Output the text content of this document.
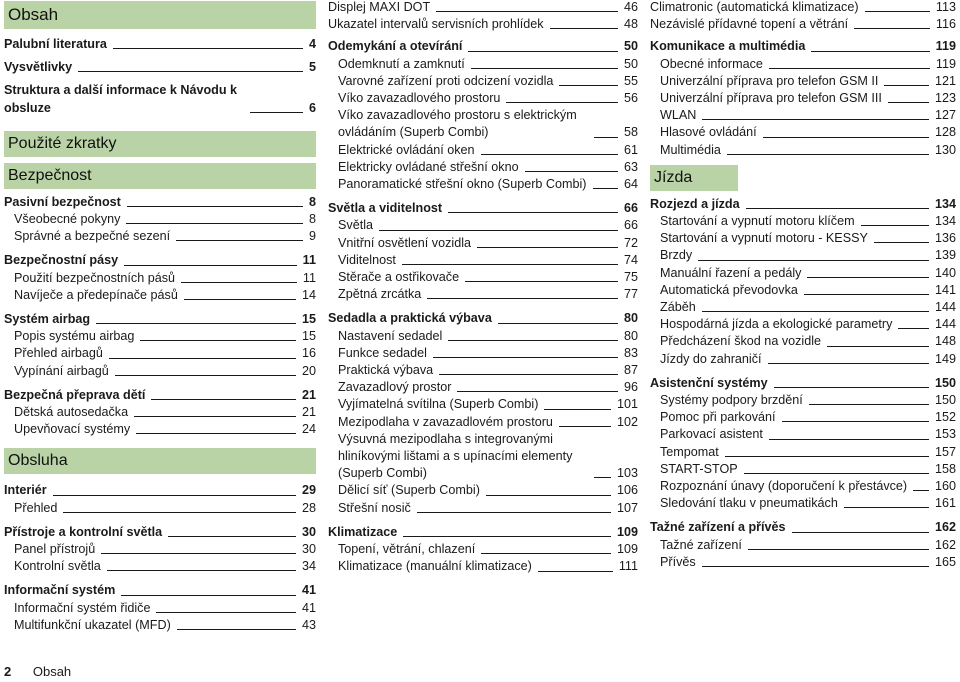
Obsah
Palubní literatura	4
Vysvětlivky	5
Struktura a další informace k Návodu k obsluze	6
Použité zkratky
Bezpečnost
Pasivní bezpečnost	8
Všeobecné pokyny	8
Správné a bezpečné sezení	9
Bezpečnostní pásy	11
Použití bezpečnostních pásů	11
Navíječe a předepínače pásů	14
Systém airbag	15
Popis systému airbag	15
Přehled airbagů	16
Vypínání airbagů	20
Bezpečná přeprava dětí	21
Dětská autosedačka	21
Upevňovací systémy	24
Obsluha
Interiér	29
Přehled	28
Přístroje a kontrolní světla	30
Panel přístrojů	30
Kontrolní světla	34
Informační systém	41
Informační systém řidiče	41
Multifunkční ukazatel (MFD)	43
Displej MAXI DOT	46
Ukazatel intervalů servisních prohlídek	48
Odemykání a otevírání	50
Odemknutí a zamknutí	50
Varovné zařízení proti odcizení vozidla	55
Víko zavazadlového prostoru	56
Víko zavazadlového prostoru s elektrickým ovládáním (Superb Combi)	58
Elektrické ovládání oken	61
Elektricky ovládané střešní okno	63
Panoramatické střešní okno (Superb Combi)	64
Světla a viditelnost	66
Světla	66
Vnitřní osvětlení vozidla	72
Viditelnost	74
Stěrače a ostřikovače	75
Zpětná zrcátka	77
Sedadla a praktická výbava	80
Nastavení sedadel	80
Funkce sedadel	83
Praktická výbava	87
Zavazadlový prostor	96
Vyjímatelná svítilna (Superb Combi)	101
Mezipodlaha v zavazadlovém prostoru	102
Výsuvná mezipodlaha s integrovanými hliníkovými lištami a s upínacími elementy (Superb Combi)	103
Dělicí síť (Superb Combi)	106
Střešní nosič	107
Klimatizace	109
Topení, větrání, chlazení	109
Klimatizace (manuální klimatizace)	111
Climatronic (automatická klimatizace)	113
Nezávislé přídavné topení a větrání	116
Komunikace a multimédia	119
Obecné informace	119
Univerzální příprava pro telefon GSM II	121
Univerzální příprava pro telefon GSM III	123
WLAN	127
Hlasové ovládání	128
Multimédia	130
Jízda
Rozjezd a jízda	134
Startování a vypnutí motoru klíčem	134
Startování a vypnutí motoru - KESSY	136
Brzdy	139
Manuální řazení a pedály	140
Automatická převodovka	141
Záběh	144
Hospodárná jízda a ekologické parametry	144
Předcházení škod na vozidle	148
Jízdy do zahraničí	149
Asistenční systémy	150
Systémy podpory brzdění	150
Pomoc při parkování	152
Parkovací asistent	153
Tempomat	157
START-STOP	158
Rozpoznání únavy (doporučení k přestávce) 160
Sledování tlaku v pneumatikách	161
Tažné zařízení a přívěs	162
Tažné zařízení	162
Přívěs	165
2 Obsah
